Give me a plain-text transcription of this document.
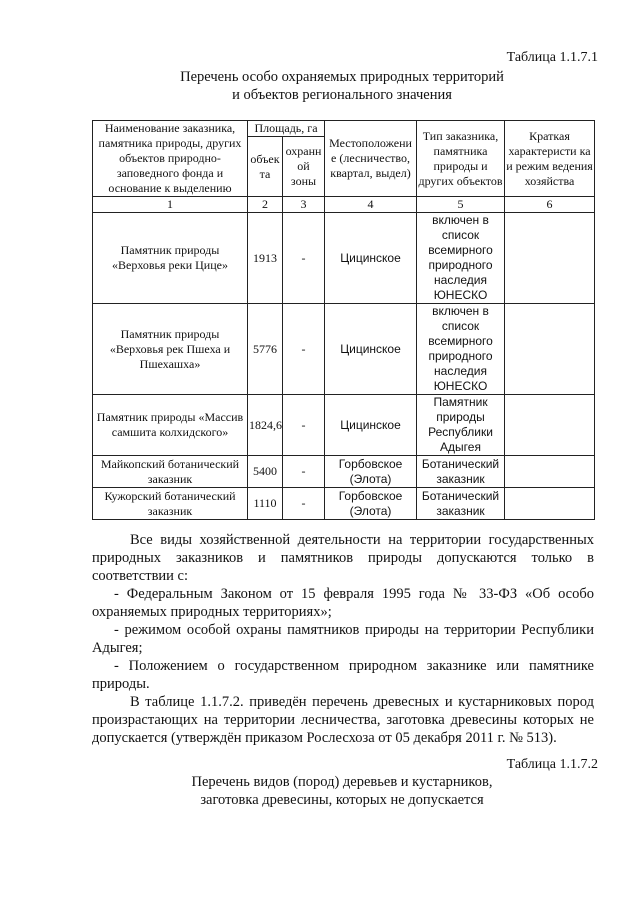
Таблица 1.1.7.1
Перечень особо охраняемых природных территорий
и объектов регионального значения
Наименование заказника, памятника природы, других объектов природно-заповедного фонда и основание к выделению	Площадь, га		Местоположени е (лесничество, квартал, выдел)	Тип заказника, памятника природы и других объектов	Краткая характеристи ка и режим ведения хозяйства
	объек та	охранн ой зоны			
1	2	3	4	5	6
Памятник природы «Верховья реки Цице»	1913	-	Цицинское	включен в список всемирного природного наследия ЮНЕСКО	
Памятник природы «Верховья рек Пшеха и Пшехашха»	5776	-	Цицинское	включен в список всемирного природного наследия ЮНЕСКО	
Памятник природы «Массив самшита колхидского»	1824,6	-	Цицинское	Памятник природы Республики Адыгея	
Майкопский ботанический заказник	5400	-	Горбовское (Элота)	Ботанический заказник	
Кужорский ботанический заказник	1110	-	Горбовское (Элота)	Ботанический заказник	

Все виды хозяйственной деятельности на территории государственных природных заказников и памятников природы допускаются только в соответствии с:

- Федеральным Законом от 15 февраля 1995 года № 33-ФЗ «Об особо охраняемых природных территориях»;

- режимом особой охраны памятников природы на территории Республики Адыгея;

- Положением о государственном природном заказнике или памятнике природы.

В таблице 1.1.7.2. приведён перечень древесных и кустарниковых пород произрастающих на территории лесничества, заготовка древесины которых не допускается (утверждён приказом Рослесхоза от 05 декабря 2011 г. № 513).

Таблица 1.1.7.2
Перечень видов (пород) деревьев и кустарников,
заготовка древесины, которых не допускается
